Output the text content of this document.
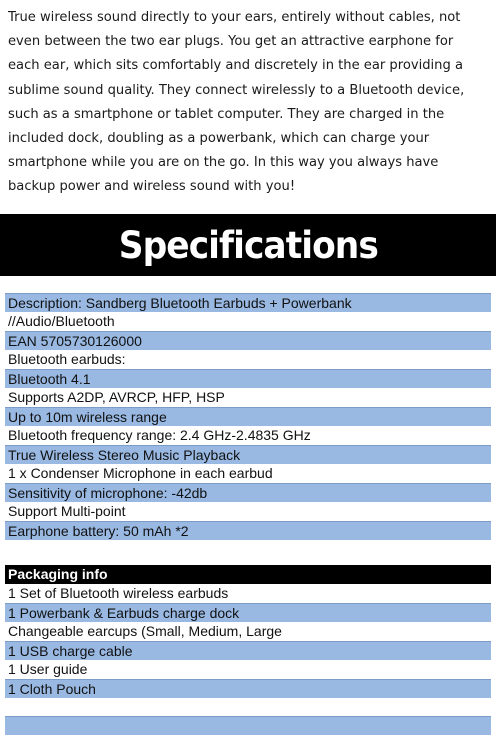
True wireless sound directly to your ears, entirely without cables, not even between the two ear plugs. You get an attractive earphone for each ear, which sits comfortably and discretely in the ear providing a sublime sound quality. They connect wirelessly to a Bluetooth device, such as a smartphone or tablet computer. They are charged in the included dock, doubling as a powerbank, which can charge your smartphone while you are on the go. In this way you always have backup power and wireless sound with you!
Specifications
Description: Sandberg Bluetooth Earbuds + Powerbank
//Audio/Bluetooth
EAN 5705730126000
Bluetooth earbuds:
Bluetooth 4.1
Supports A2DP, AVRCP, HFP, HSP
Up to 10m wireless range
Bluetooth frequency range: 2.4 GHz-2.4835 GHz
True Wireless Stereo Music Playback
1 x Condenser Microphone in each earbud
Sensitivity of microphone: -42db
Support Multi-point
Earphone battery: 50 mAh *2
Packaging info
1 Set of Bluetooth wireless earbuds
1 Powerbank & Earbuds charge dock
Changeable earcups (Small, Medium, Large
1 USB charge cable
1 User guide
1 Cloth Pouch
